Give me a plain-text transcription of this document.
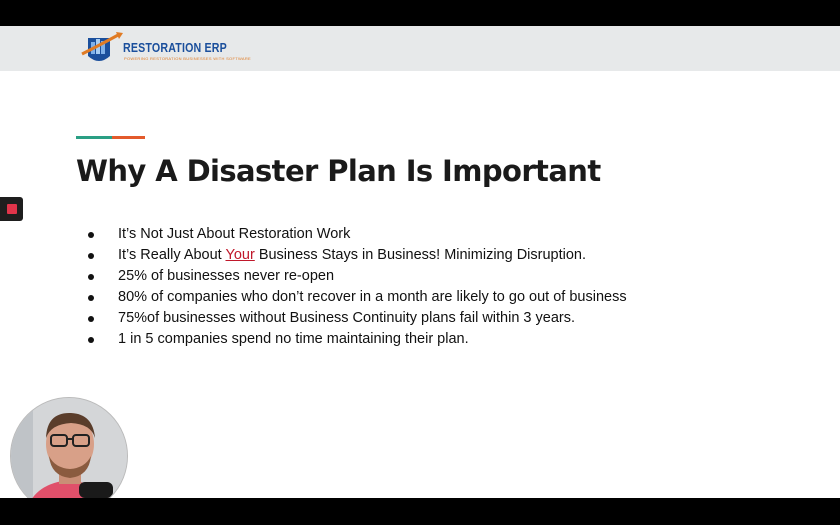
RESTORATION ERP
POWERING RESTORATION BUSINESSES WITH SOFTWARE
Why A Disaster Plan Is Important
It’s Not Just About Restoration Work
It’s Really About Your Business Stays in Business! Minimizing Disruption.
25% of businesses never re-open
80% of companies who don’t recover in a month are likely to go out of business
75%of businesses without Business Continuity plans fail within 3 years.
1 in 5 companies spend no time maintaining their plan.
